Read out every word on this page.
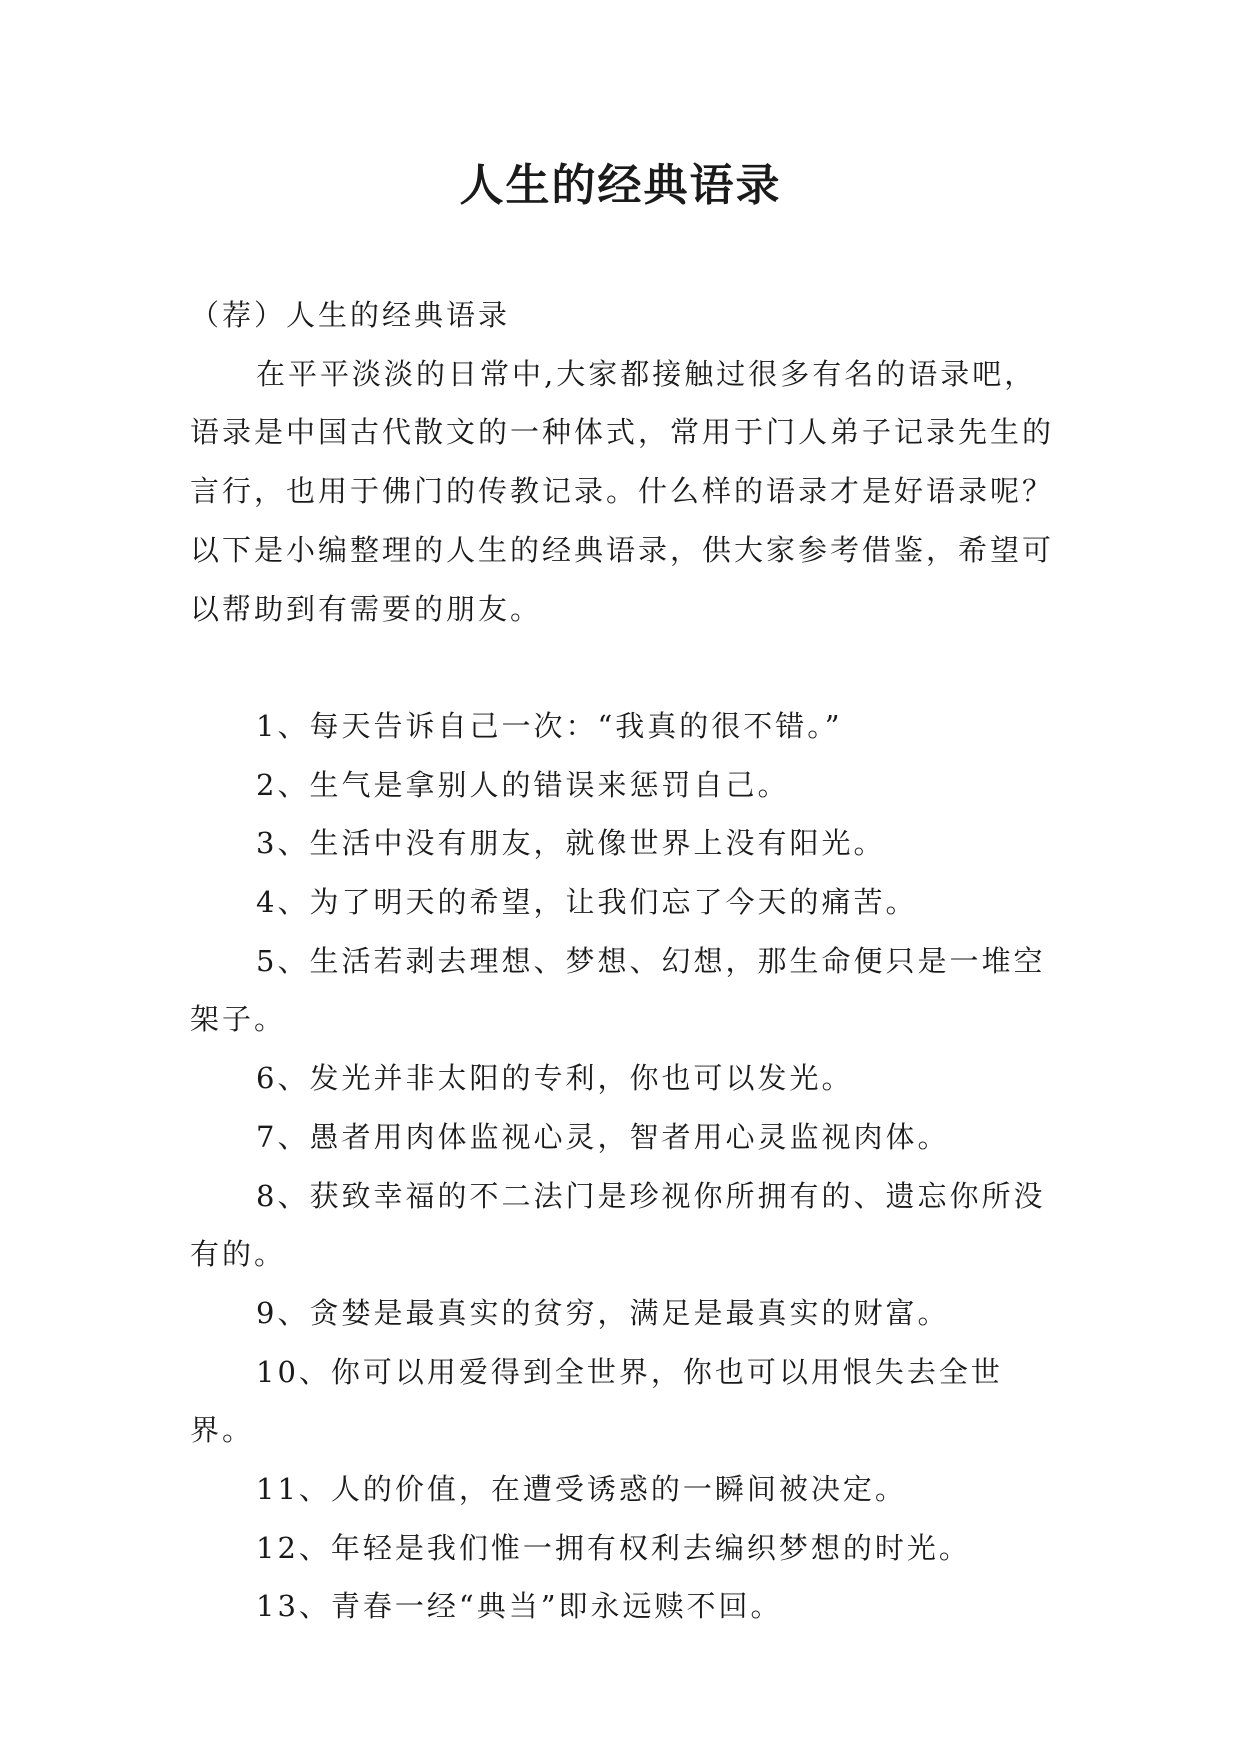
人生的经典语录

（荐）人生的经典语录

在平平淡淡的日常中,大家都接触过很多有名的语录吧，语录是中国古代散文的一种体式，常用于门人弟子记录先生的言行，也用于佛门的传教记录。什么样的语录才是好语录呢？以下是小编整理的人生的经典语录，供大家参考借鉴，希望可以帮助到有需要的朋友。

1、每天告诉自己一次：“我真的很不错。”

2、生气是拿别人的错误来惩罚自己。

3、生活中没有朋友，就像世界上没有阳光。

4、为了明天的希望，让我们忘了今天的痛苦。

5、生活若剥去理想、梦想、幻想，那生命便只是一堆空架子。

6、发光并非太阳的专利，你也可以发光。

7、愚者用肉体监视心灵，智者用心灵监视肉体。

8、获致幸福的不二法门是珍视你所拥有的、遗忘你所没有的。

9、贪婪是最真实的贫穷，满足是最真实的财富。

10、你可以用爱得到全世界，你也可以用恨失去全世界。

11、人的价值，在遭受诱惑的一瞬间被决定。

12、年轻是我们惟一拥有权利去编织梦想的时光。

13、青春一经“典当”即永远赎不回。
